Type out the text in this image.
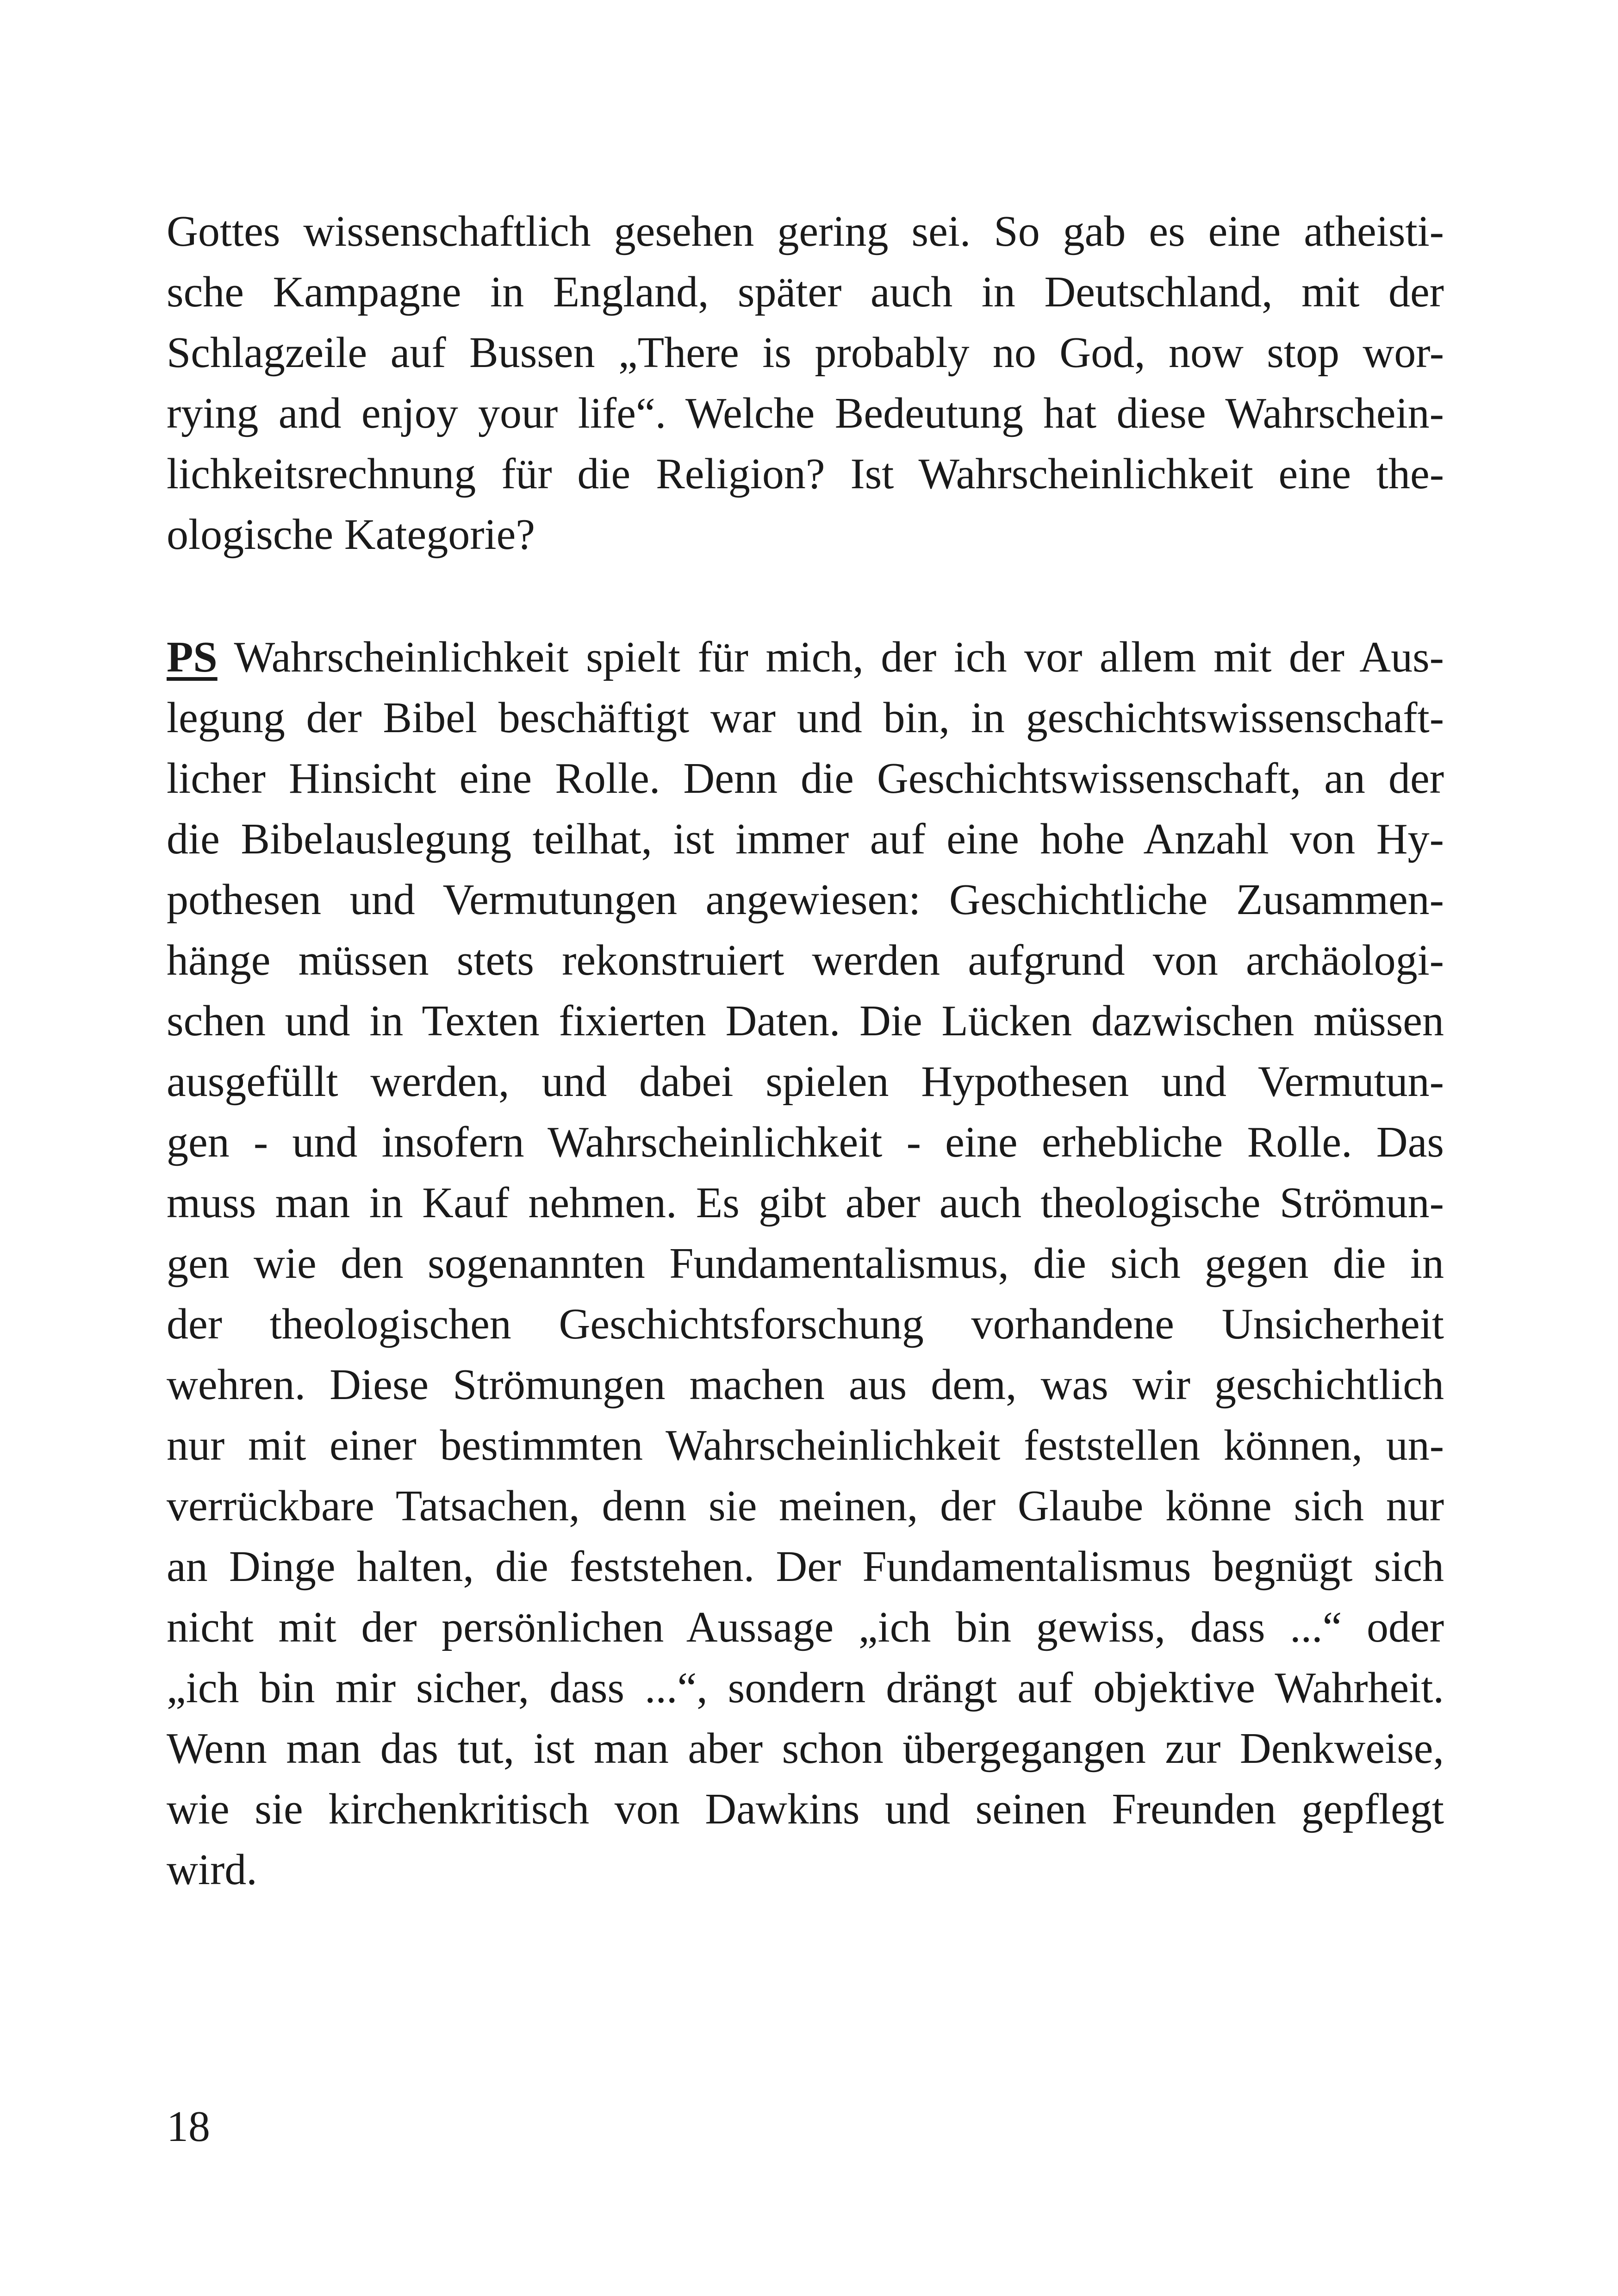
Gottes wissenschaftlich gesehen gering sei. So gab es eine atheisti-
sche Kampagne in England, später auch in Deutschland, mit der
Schlagzeile auf Bussen „There is probably no God, now stop wor-
rying and enjoy your life“. Welche Bedeutung hat diese Wahrschein-
lichkeitsrechnung für die Religion? Ist Wahrscheinlichkeit eine the-
ologische Kategorie?
PS Wahrscheinlichkeit spielt für mich, der ich vor allem mit der Aus-
legung der Bibel beschäftigt war und bin, in geschichtswissenschaft-
licher Hinsicht eine Rolle. Denn die Geschichtswissenschaft, an der
die Bibelauslegung teilhat, ist immer auf eine hohe Anzahl von Hy-
pothesen und Vermutungen angewiesen: Geschichtliche Zusammen-
hänge müssen stets rekonstruiert werden aufgrund von archäologi-
schen und in Texten fixierten Daten. Die Lücken dazwischen müssen
ausgefüllt werden, und dabei spielen Hypothesen und Vermutun-
gen - und insofern Wahrscheinlichkeit - eine erhebliche Rolle. Das
muss man in Kauf nehmen. Es gibt aber auch theologische Strömun-
gen wie den sogenannten Fundamentalismus, die sich gegen die in
der theologischen Geschichtsforschung vorhandene Unsicherheit
wehren. Diese Strömungen machen aus dem, was wir geschichtlich
nur mit einer bestimmten Wahrscheinlichkeit feststellen können, un-
verrückbare Tatsachen, denn sie meinen, der Glaube könne sich nur
an Dinge halten, die feststehen. Der Fundamentalismus begnügt sich
nicht mit der persönlichen Aussage „ich bin gewiss, dass ...“ oder
„ich bin mir sicher, dass ...“, sondern drängt auf objektive Wahrheit.
Wenn man das tut, ist man aber schon übergegangen zur Denkweise,
wie sie kirchenkritisch von Dawkins und seinen Freunden gepflegt
wird.
18
